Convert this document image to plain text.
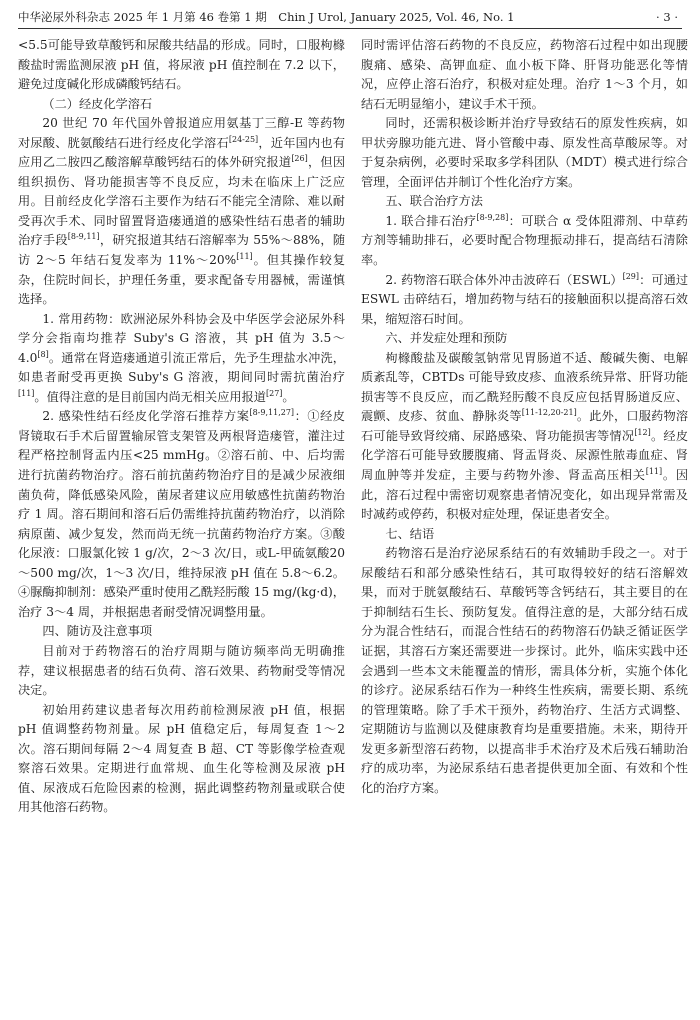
中华泌尿外科杂志 2025 年 1 月第 46 卷第 1 期　Chin J Urol, January 2025, Vol. 46, No. 1	· 3 ·

<5.5可能导致草酸钙和尿酸共结晶的形成。同时，口服枸橼酸盐时需监测尿液 pH 值，将尿液 pH 值控制在 7.2 以下，避免过度碱化形成磷酸钙结石。

（二）经皮化学溶石

20 世纪 70 年代国外曾报道应用氨基丁三醇-E 等药物对尿酸、胱氨酸结石进行经皮化学溶石[24-25]，近年国内也有应用乙二胺四乙酸溶解草酸钙结石的体外研究报道[26]，但因组织损伤、肾功能损害等不良反应，均未在临床上广泛应用。目前经皮化学溶石主要作为结石不能完全清除、难以耐受再次手术、同时留置肾造瘘通道的感染性结石患者的辅助治疗手段[8-9,11]，研究报道其结石溶解率为 55%～88%，随访 2～5 年结石复发率为 11%～20%[11]。但其操作较复杂，住院时间长，护理任务重，要求配备专用器械，需谨慎选择。

1. 常用药物：欧洲泌尿外科协会及中华医学会泌尿外科学分会指南均推荐 Suby's G 溶液，其 pH 值为 3.5～4.0[8]。通常在肾造瘘通道引流正常后，先予生理盐水冲洗，如患者耐受再更换 Suby's G 溶液，期间同时需抗菌治疗[11]。值得注意的是目前国内尚无相关应用报道[27]。

2. 感染性结石经皮化学溶石推荐方案[8-9,11,27]：①经皮肾镜取石手术后留置输尿管支架管及两根肾造瘘管，灌注过程严格控制肾盂内压<25 mmHg。②溶石前、中、后均需进行抗菌药物治疗。溶石前抗菌药物治疗目的是减少尿液细菌负荷，降低感染风险，菌尿者建议应用敏感性抗菌药物治疗 1 周。溶石期间和溶石后仍需维持抗菌药物治疗，以消除病原菌、减少复发，然而尚无统一抗菌药物治疗方案。③酸化尿液：口服氯化铵 1 g/次，2～3 次/日，或L-甲硫氨酸20～500 mg/次，1～3 次/日，维持尿液 pH 值在 5.8～6.2。④脲酶抑制剂：感染严重时使用乙酰羟肟酸 15 mg/(kg·d)，治疗 3～4 周，并根据患者耐受情况调整用量。

四、随访及注意事项

目前对于药物溶石的治疗周期与随访频率尚无明确推荐，建议根据患者的结石负荷、溶石效果、药物耐受等情况决定。

初始用药建议患者每次用药前检测尿液 pH 值，根据 pH 值调整药物剂量。尿 pH 值稳定后，每周复查 1～2 次。溶石期间每隔 2～4 周复查 B 超、CT 等影像学检查观察溶石效果。定期进行血常规、血生化等检测及尿液 pH 值、尿液成石危险因素的检测，据此调整药物剂量或联合使用其他溶石药物。

同时需评估溶石药物的不良反应，药物溶石过程中如出现腰腹痛、感染、高钾血症、血小板下降、肝肾功能恶化等情况，应停止溶石治疗，积极对症处理。治疗 1～3 个月，如结石无明显缩小，建议手术干预。

同时，还需积极诊断并治疗导致结石的原发性疾病，如甲状旁腺功能亢进、肾小管酸中毒、原发性高草酸尿等。对于复杂病例，必要时采取多学科团队（MDT）模式进行综合管理，全面评估并制订个性化治疗方案。

五、联合治疗方法

1. 联合排石治疗[8-9,28]：可联合 α 受体阻滞剂、中草药方剂等辅助排石，必要时配合物理振动排石，提高结石清除率。

2. 药物溶石联合体外冲击波碎石（ESWL）[29]：可通过 ESWL 击碎结石，增加药物与结石的接触面积以提高溶石效果，缩短溶石时间。

六、并发症处理和预防

枸橼酸盐及碳酸氢钠常见胃肠道不适、酸碱失衡、电解质紊乱等，CBTDs 可能导致皮疹、血液系统异常、肝肾功能损害等不良反应，而乙酰羟肟酸不良反应包括胃肠道反应、震颤、皮疹、贫血、静脉炎等[11-12,20-21]。此外，口服药物溶石可能导致肾绞痛、尿路感染、肾功能损害等情况[12]。经皮化学溶石可能导致腰腹痛、肾盂肾炎、尿源性脓毒血症、肾周血肿等并发症，主要与药物外渗、肾盂高压相关[11]。因此，溶石过程中需密切观察患者情况变化，如出现异常需及时减药或停药，积极对症处理，保证患者安全。

七、结语

药物溶石是治疗泌尿系结石的有效辅助手段之一。对于尿酸结石和部分感染性结石，其可取得较好的结石溶解效果，而对于胱氨酸结石、草酸钙等含钙结石，其主要目的在于抑制结石生长、预防复发。值得注意的是，大部分结石成分为混合性结石，而混合性结石的药物溶石仍缺乏循证医学证据，其溶石方案还需要进一步探讨。此外，临床实践中还会遇到一些本文未能覆盖的情形，需具体分析，实施个体化的诊疗。泌尿系结石作为一种终生性疾病，需要长期、系统的管理策略。除了手术干预外，药物治疗、生活方式调整、定期随访与监测以及健康教育均是重要措施。未来，期待开发更多新型溶石药物，以提高非手术治疗及术后残石辅助治疗的成功率，为泌尿系结石患者提供更加全面、有效和个性化的治疗方案。
